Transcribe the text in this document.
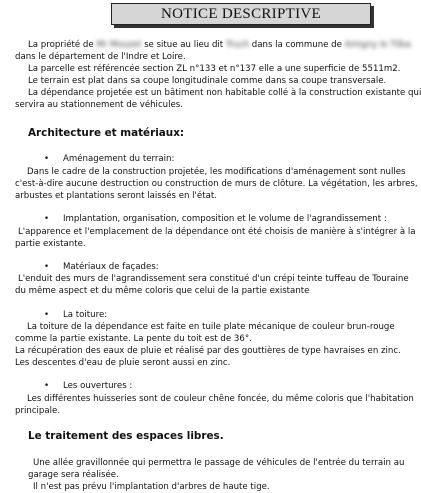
NOTICE DESCRIPTIVE
La propriété de Mr Mouzet se situe au lieu dit Truch dans la commune de Amigny le Tilba
dans le département de l'Indre et Loire.
La parcelle est référencée section ZL n°133 et n°137 elle a une superficie de 5511m2.
Le terrain est plat dans sa coupe longitudinale comme dans sa coupe transversale.
La dépendance projetée est un bâtiment non habitable collé à la construction existante qui
servira au stationnement de véhicules.
Architecture et matériaux:
• Aménagement du terrain:
Dans le cadre de la construction projetée, les modifications d'aménagement sont nulles
c'est-à-dire aucune destruction ou construction de murs de clôture. La végétation, les arbres,
arbustes et plantations seront laissés en l'état.
• Implantation, organisation, composition et le volume de l'agrandissement :
L'apparence et l'emplacement de la dépendance ont été choisis de manière à s'intégrer à la
partie existante.
• Matériaux de façades:
L'enduit des murs de l'agrandissement sera constitué d'un crépi teinte tuffeau de Touraine
du même aspect et du même coloris que celui de la partie existante
• La toiture:
La toiture de la dépendance est faite en tuile plate mécanique de couleur brun-rouge
comme la partie existante. La pente du toit est de 36°.
La récupération des eaux de pluie et réalisé par des gouttières de type havraises en zinc.
Les descentes d'eau de pluie seront aussi en zinc.
• Les ouvertures :
Les différentes huisseries sont de couleur chêne foncée, du même coloris que l'habitation
principale.
Le traitement des espaces libres.
Une allée gravillonnée qui permettra le passage de véhicules de l'entrée du terrain au
garage sera réalisée.
Il n'est pas prévu l'implantation d'arbres de haute tige.
